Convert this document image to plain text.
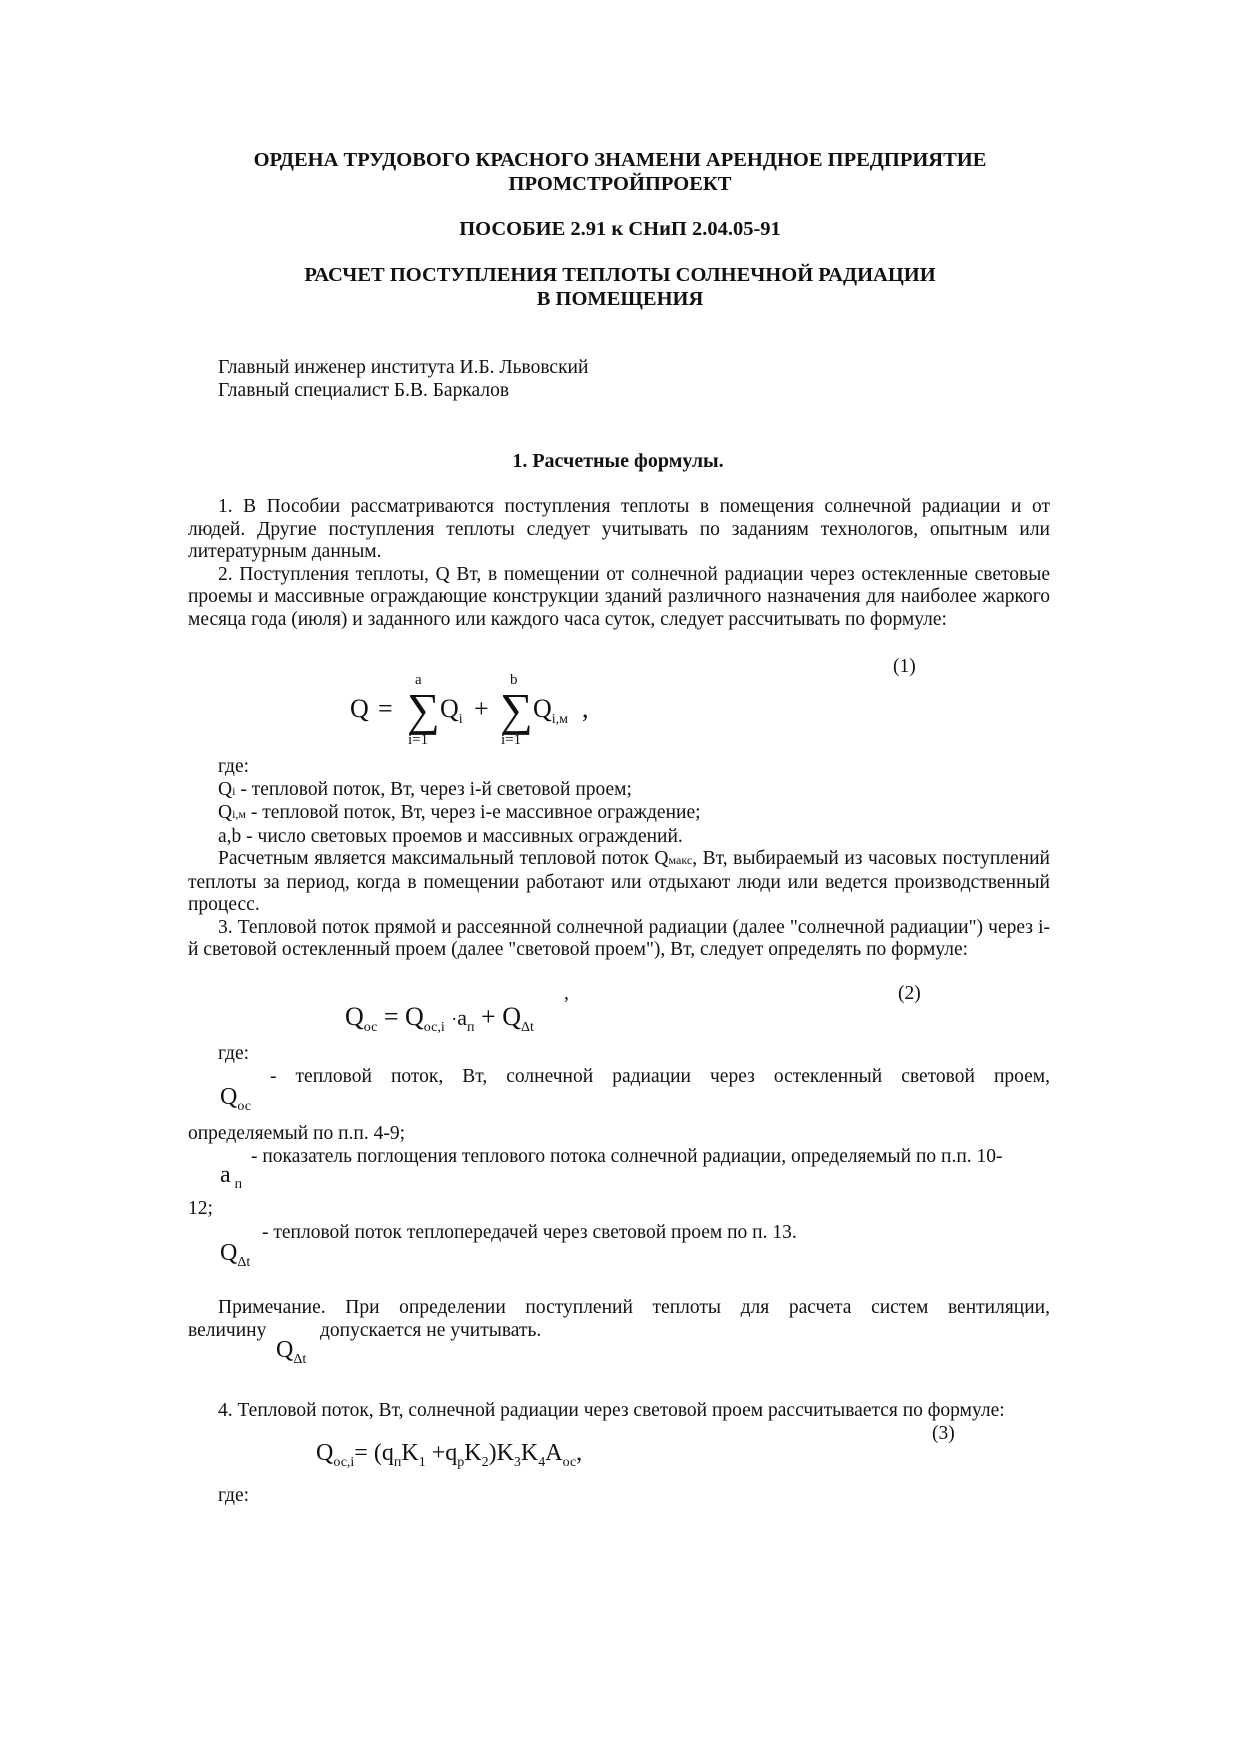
ОРДЕНА ТРУДОВОГО КРАСНОГО ЗНАМЕНИ АРЕНДНОЕ ПРЕДПРИЯТИЕ
ПРОМСТРОЙПРОЕКТ
ПОСОБИЕ 2.91 к СНиП 2.04.05-91
РАСЧЕТ ПОСТУПЛЕНИЯ ТЕПЛОТЫ СОЛНЕЧНОЙ РАДИАЦИИ
В ПОМЕЩЕНИЯ
Главный инженер института И.Б. Львовский
Главный специалист Б.В. Баркалов
1. Расчетные формулы.

1. В Пособии рассматриваются поступления теплоты в помещения солнечной радиации и от людей. Другие поступления теплоты следует учитывать по заданиям технологов, опытным или литературным данным.

2. Поступления теплоты, Q Вт, в помещении от солнечной радиации через остекленные световые проемы и массивные ограждающие конструкции зданий различного назначения для наиболее жаркого месяца года (июля) и заданного или каждого часа суток, следует рассчитывать по формуле:

(1)
Q =
a
∑
i=1
$Q_i$ +
b
∑
i=1
$Q_{i,м}$ ,

где:

Qi - тепловой поток, Вт, через i-й световой проем;

Qi,м - тепловой поток, Вт, через i-е массивное ограждение;

a,b - число световых проемов и массивных ограждений.

Расчетным является максимальный тепловой поток Qмакс, Вт, выбираемый из часовых поступлений теплоты за период, когда в помещении работают или отдыхают люди или ведется производственный процесс.

3. Тепловой поток прямой и рассеянной солнечной радиации (далее "солнечной радиации") через i-й световой остекленный проем (далее "световой проем"), Вт, следует определять по формуле:

,	(2)
$Q_{ос} = Q_{ос,i} \cdot a_п + Q_{\Delta t}$
где:
- тепловой поток, Вт, солнечной радиации через остекленный световой проем,
$Q_{ос}$
определяемый по п.п. 4-9;
- показатель поглощения теплового потока солнечной радиации, определяемый по п.п. 10-
a $_п$
12;
- тепловой поток теплопередачей через световой проем по п. 13.
$Q_{\Delta t}$
Примечание. При определении поступлений теплоты для расчета систем вентиляции,
величину	допускается не учитывать.
$Q_{\Delta t}$
4. Тепловой поток, Вт, солнечной радиации через световой проем рассчитывается по формуле:
(3)
$Q_{ос,i}= (q_пK_1 +q_рK_2)K_3K_4A_{ос}$,
где:
